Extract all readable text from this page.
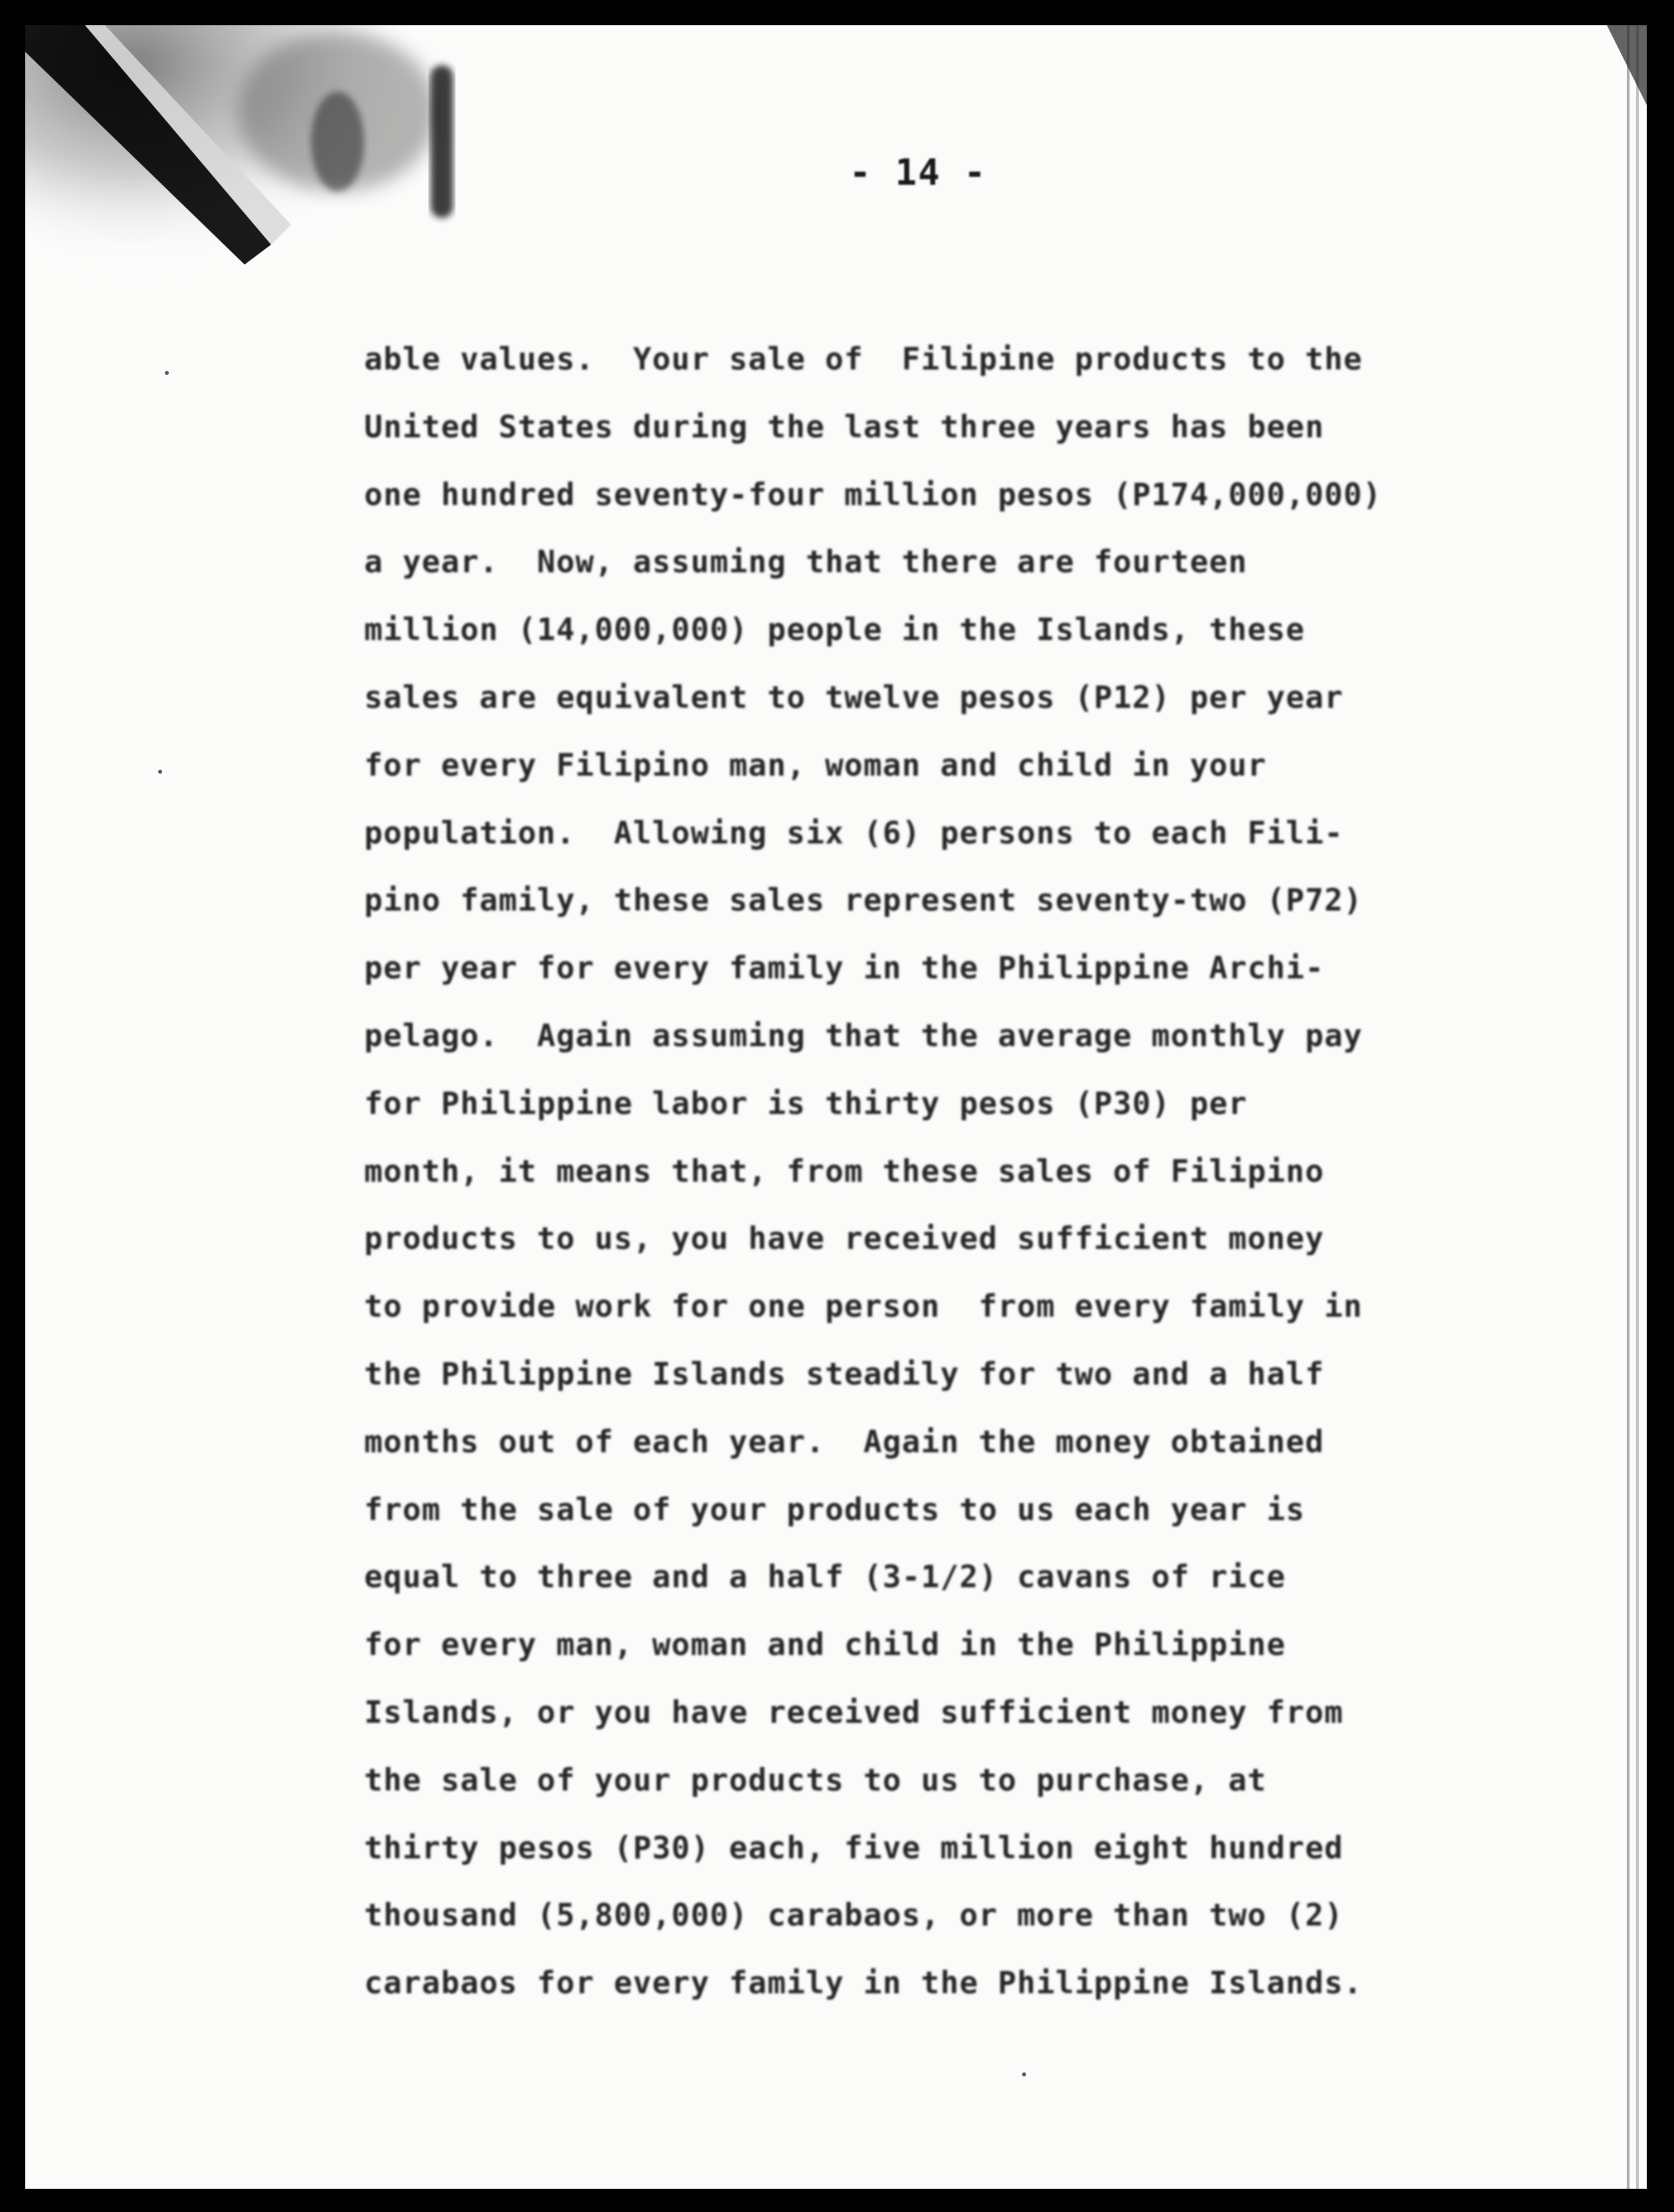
- 14 -
able values.  Your sale of  Filipine products to the
United States during the last three years has been
one hundred seventy-four million pesos (P174,000,000)
a year.  Now, assuming that there are fourteen
million (14,000,000) people in the Islands, these
sales are equivalent to twelve pesos (P12) per year
for every Filipino man, woman and child in your
population.  Allowing six (6) persons to each Fili-
pino family, these sales represent seventy-two (P72)
per year for every family in the Philippine Archi-
pelago.  Again assuming that the average monthly pay
for Philippine labor is thirty pesos (P30) per
month, it means that, from these sales of Filipino
products to us, you have received sufficient money
to provide work for one person  from every family in
the Philippine Islands steadily for two and a half
months out of each year.  Again the money obtained
from the sale of your products to us each year is
equal to three and a half (3-1/2) cavans of rice
for every man, woman and child in the Philippine
Islands, or you have received sufficient money from
the sale of your products to us to purchase, at
thirty pesos (P30) each, five million eight hundred
thousand (5,800,000) carabaos, or more than two (2)
carabaos for every family in the Philippine Islands.
